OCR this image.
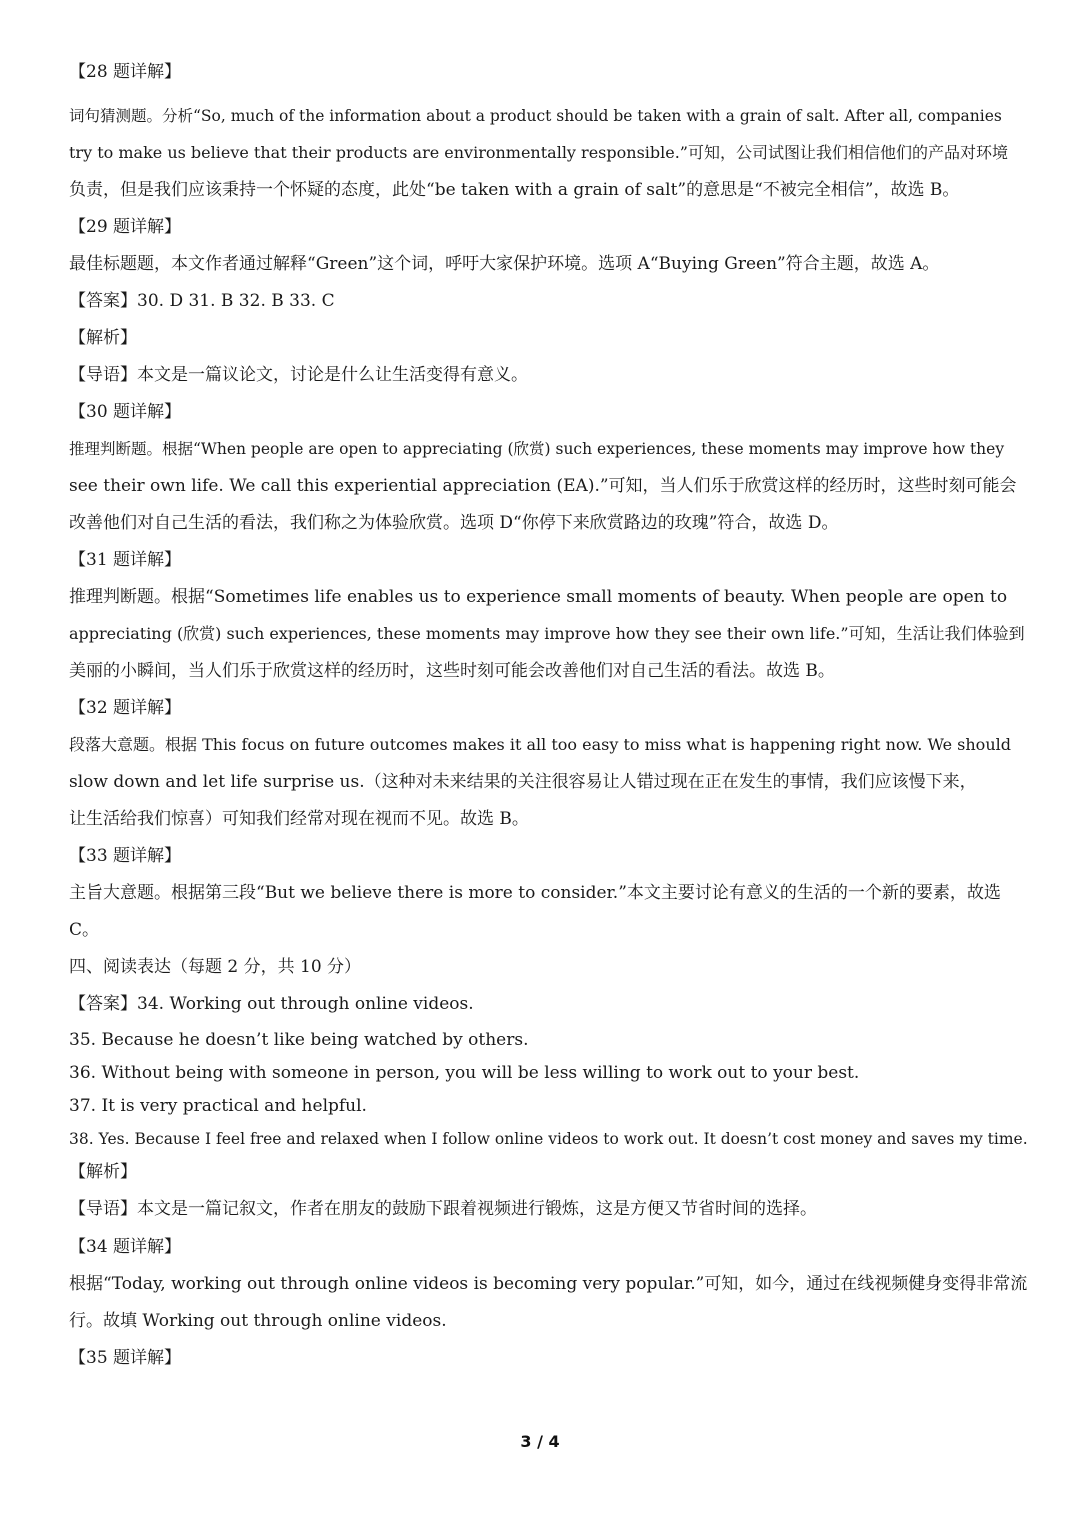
【28 题详解】
词句猜测题。分析“So, much of the information about a product should be taken with a grain of salt. After all, companies
try to make us believe that their products are environmentally responsible.”可知，公司试图让我们相信他们的产品对环境
负责，但是我们应该秉持一个怀疑的态度，此处“be taken with a grain of salt”的意思是“不被完全相信”，故选 B。
【29 题详解】
最佳标题题，本文作者通过解释“Green”这个词，呼吁大家保护环境。选项 A“Buying Green”符合主题，故选 A。
【答案】30. D 31. B 32. B 33. C
【解析】
【导语】本文是一篇议论文，讨论是什么让生活变得有意义。
【30 题详解】
推理判断题。根据“When people are open to appreciating (欣赏) such experiences, these moments may improve how they
see their own life. We call this experiential appreciation (EA).”可知，当人们乐于欣赏这样的经历时，这些时刻可能会
改善他们对自己生活的看法，我们称之为体验欣赏。选项 D“你停下来欣赏路边的玫瑰”符合，故选 D。
【31 题详解】
推理判断题。根据“Sometimes life enables us to experience small moments of beauty. When people are open to
appreciating (欣赏) such experiences, these moments may improve how they see their own life.”可知，生活让我们体验到
美丽的小瞬间，当人们乐于欣赏这样的经历时，这些时刻可能会改善他们对自己生活的看法。故选 B。
【32 题详解】
段落大意题。根据 This focus on future outcomes makes it all too easy to miss what is happening right now. We should
slow down and let life surprise us.（这种对未来结果的关注很容易让人错过现在正在发生的事情，我们应该慢下来，
让生活给我们惊喜）可知我们经常对现在视而不见。故选 B。
【33 题详解】
主旨大意题。根据第三段“But we believe there is more to consider.”本文主要讨论有意义的生活的一个新的要素，故选
C。
四、阅读表达（每题 2 分，共 10 分）
【答案】34. Working out through online videos.
35. Because he doesn’t like being watched by others.
36. Without being with someone in person, you will be less willing to work out to your best.
37. It is very practical and helpful.
38. Yes. Because I feel free and relaxed when I follow online videos to work out. It doesn’t cost money and saves my time.
【解析】
【导语】本文是一篇记叙文，作者在朋友的鼓励下跟着视频进行锻炼，这是方便又节省时间的选择。
【34 题详解】
根据“Today, working out through online videos is becoming very popular.”可知，如今，通过在线视频健身变得非常流
行。故填 Working out through online videos.
【35 题详解】
3 / 4
